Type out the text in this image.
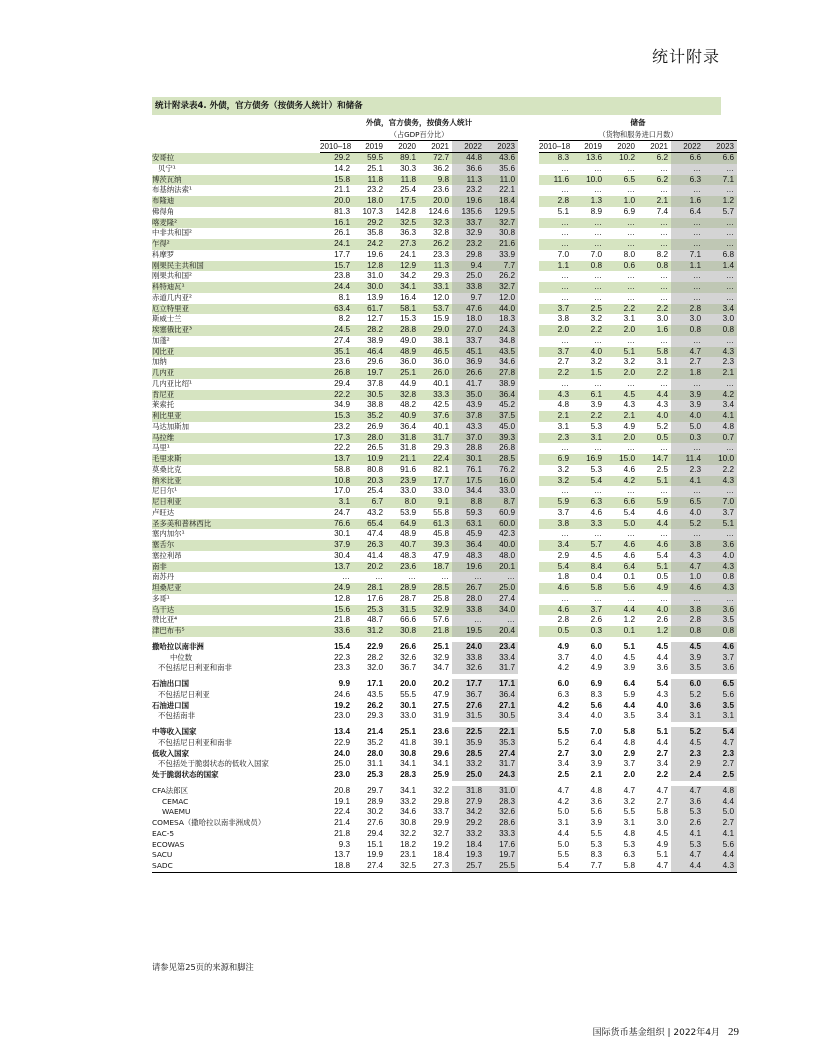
统计附录
统计附录表4. 外债，官方债务（按债务人统计）和储备
	外债，官方债务，按债务人统计							储备					
	（占GDP百分比）							（货物和服务进口月数）					
	2010–18	2019	2020	2021	2022	2023		2010–18	2019	2020	2021	2022	2023
安哥拉	29.2	59.5	89.1	72.7	44.8	43.6		8.3	13.6	10.2	6.2	6.6	6.6
贝宁¹	14.2	25.1	30.3	36.2	36.6	35.6		…	…	…	…	…	…
博茨瓦纳	15.8	11.8	11.8	9.8	11.3	11.0		11.6	10.0	6.5	6.2	6.3	7.1
布基纳法索¹	21.1	23.2	25.4	23.6	23.2	22.1		…	…	…	…	…	…
布隆迪	20.0	18.0	17.5	20.0	19.6	18.4		2.8	1.3	1.0	2.1	1.6	1.2
佛得角	81.3	107.3	142.8	124.6	135.6	129.5		5.1	8.9	6.9	7.4	6.4	5.7
喀麦隆²	16.1	29.2	32.5	32.3	33.7	32.7		…	…	…	…	…	…
中非共和国²	26.1	35.8	36.3	32.8	32.9	30.8		…	…	…	…	…	…
乍得²	24.1	24.2	27.3	26.2	23.2	21.6		…	…	…	…	…	…
科摩罗	17.7	19.6	24.1	23.3	29.8	33.9		7.0	7.0	8.0	8.2	7.1	6.8
刚果民主共和国	15.7	12.8	12.9	11.3	9.4	7.7		1.1	0.8	0.6	0.8	1.1	1.4
刚果共和国²	23.8	31.0	34.2	29.3	25.0	26.2		…	…	…	…	…	…
科特迪瓦¹	24.4	30.0	34.1	33.1	33.8	32.7		…	…	…	…	…	…
赤道几内亚²	8.1	13.9	16.4	12.0	9.7	12.0		…	…	…	…	…	…
厄立特里亚	63.4	61.7	58.1	53.7	47.6	44.0		3.7	2.5	2.2	2.2	2.8	3.4
斯威士兰	8.2	12.7	15.3	15.9	18.0	18.3		3.8	3.2	3.1	3.0	3.0	3.0
埃塞俄比亚³	24.5	28.2	28.8	29.0	27.0	24.3		2.0	2.2	2.0	1.6	0.8	0.8
加蓬²	27.4	38.9	49.0	38.1	33.7	34.8		…	…	…	…	…	…
冈比亚	35.1	46.4	48.9	46.5	45.1	43.5		3.7	4.0	5.1	5.8	4.7	4.3
加纳	23.6	29.6	36.0	36.0	36.9	34.6		2.7	3.2	3.2	3.1	2.7	2.3
几内亚	26.8	19.7	25.1	26.0	26.6	27.8		2.2	1.5	2.0	2.2	1.8	2.1
几内亚比绍¹	29.4	37.8	44.9	40.1	41.7	38.9		…	…	…	…	…	…
肯尼亚	22.2	30.5	32.8	33.3	35.0	36.4		4.3	6.1	4.5	4.4	3.9	4.2
莱索托	34.9	38.8	48.2	42.5	43.9	45.2		4.8	3.9	4.3	4.3	3.9	3.4
利比里亚	15.3	35.2	40.9	37.6	37.8	37.5		2.1	2.2	2.1	4.0	4.0	4.1
马达加斯加	23.2	26.9	36.4	40.1	43.3	45.0		3.1	5.3	4.9	5.2	5.0	4.8
马拉维	17.3	28.0	31.8	31.7	37.0	39.3		2.3	3.1	2.0	0.5	0.3	0.7
马里¹	22.2	26.5	31.8	29.3	28.8	26.8		…	…	…	…	…	…
毛里求斯	13.7	10.9	21.1	22.4	30.1	28.5		6.9	16.9	15.0	14.7	11.4	10.0
莫桑比克	58.8	80.8	91.6	82.1	76.1	76.2		3.2	5.3	4.6	2.5	2.3	2.2
纳米比亚	10.8	20.3	23.9	17.7	17.5	16.0		3.2	5.4	4.2	5.1	4.1	4.3
尼日尔¹	17.0	25.4	33.0	33.0	34.4	33.0		…	…	…	…	…	…
尼日利亚	3.1	6.7	8.0	9.1	8.8	8.7		5.9	6.3	6.6	5.9	6.5	7.0
卢旺达	24.7	43.2	53.9	55.8	59.3	60.9		3.7	4.6	5.4	4.6	4.0	3.7
圣多美和普林西比	76.6	65.4	64.9	61.3	63.1	60.0		3.8	3.3	5.0	4.4	5.2	5.1
塞内加尔¹	30.1	47.4	48.9	45.8	45.9	42.3		…	…	…	…	…	…
塞舌尔	37.9	26.3	40.7	39.3	36.4	40.0		3.4	5.7	4.6	4.6	3.8	3.6
塞拉利昂	30.4	41.4	48.3	47.9	48.3	48.0		2.9	4.5	4.6	5.4	4.3	4.0
南非	13.7	20.2	23.6	18.7	19.6	20.1		5.4	8.4	6.4	5.1	4.7	4.3
南苏丹	…	…	…	…	…	…		1.8	0.4	0.1	0.5	1.0	0.8
坦桑尼亚	24.9	28.1	28.9	28.5	26.7	25.0		4.6	5.8	5.6	4.9	4.6	4.3
多哥¹	12.8	17.6	28.7	25.8	28.0	27.4		…	…	…	…	…	…
乌干达	15.6	25.3	31.5	32.9	33.8	34.0		4.6	3.7	4.4	4.0	3.8	3.6
赞比亚⁴	21.8	48.7	66.6	57.6	…	…		2.8	2.6	1.2	2.6	2.8	3.5
津巴布韦⁵	33.6	31.2	30.8	21.8	19.5	20.4		0.5	0.3	0.1	1.2	0.8	0.8

撒哈拉以南非洲	15.4	22.9	26.6	25.1	24.0	23.4		4.9	6.0	5.1	4.5	4.5	4.6
中位数	22.3	28.2	32.6	32.9	33.8	33.4		3.7	4.0	4.5	4.4	3.9	3.7
不包括尼日利亚和南非	23.3	32.0	36.7	34.7	32.6	31.7		4.2	4.9	3.9	3.6	3.5	3.6

石油出口国	9.9	17.1	20.0	20.2	17.7	17.1		6.0	6.9	6.4	5.4	6.0	6.5
不包括尼日利亚	24.6	43.5	55.5	47.9	36.7	36.4		6.3	8.3	5.9	4.3	5.2	5.6
石油进口国	19.2	26.2	30.1	27.5	27.6	27.1		4.2	5.6	4.4	4.0	3.6	3.5
不包括南非	23.0	29.3	33.0	31.9	31.5	30.5		3.4	4.0	3.5	3.4	3.1	3.1

中等收入国家	13.4	21.4	25.1	23.6	22.5	22.1		5.5	7.0	5.8	5.1	5.2	5.4
不包括尼日利亚和南非	22.9	35.2	41.8	39.1	35.9	35.3		5.2	6.4	4.8	4.4	4.5	4.7
低收入国家	24.0	28.0	30.8	29.6	28.5	27.4		2.7	3.0	2.9	2.7	2.3	2.3
不包括处于脆弱状态的低收入国家	25.0	31.1	34.1	34.1	33.2	31.7		3.4	3.9	3.7	3.4	2.9	2.7
处于脆弱状态的国家	23.0	25.3	28.3	25.9	25.0	24.3		2.5	2.1	2.0	2.2	2.4	2.5

CFA法郎区	20.8	29.7	34.1	32.2	31.8	31.0		4.7	4.8	4.7	4.7	4.7	4.8
CEMAC	19.1	28.9	33.2	29.8	27.9	28.3		4.2	3.6	3.2	2.7	3.6	4.4
WAEMU	22.4	30.2	34.6	33.7	34.2	32.6		5.0	5.6	5.5	5.8	5.3	5.0
COMESA（撒哈拉以南非洲成员）	21.4	27.6	30.8	29.9	29.2	28.6		3.1	3.9	3.1	3.0	2.6	2.7
EAC-5	21.8	29.4	32.2	32.7	33.2	33.3		4.4	5.5	4.8	4.5	4.1	4.1
ECOWAS	9.3	15.1	18.2	19.2	18.4	17.6		5.0	5.3	5.3	4.9	5.3	5.6
SACU	13.7	19.9	23.1	18.4	19.3	19.7		5.5	8.3	6.3	5.1	4.7	4.4
SADC	18.8	27.4	32.5	27.3	25.7	25.5		5.4	7.7	5.8	4.7	4.4	4.3
请参见第25页的来源和脚注
国际货币基金组织 | 2022年4月 29
